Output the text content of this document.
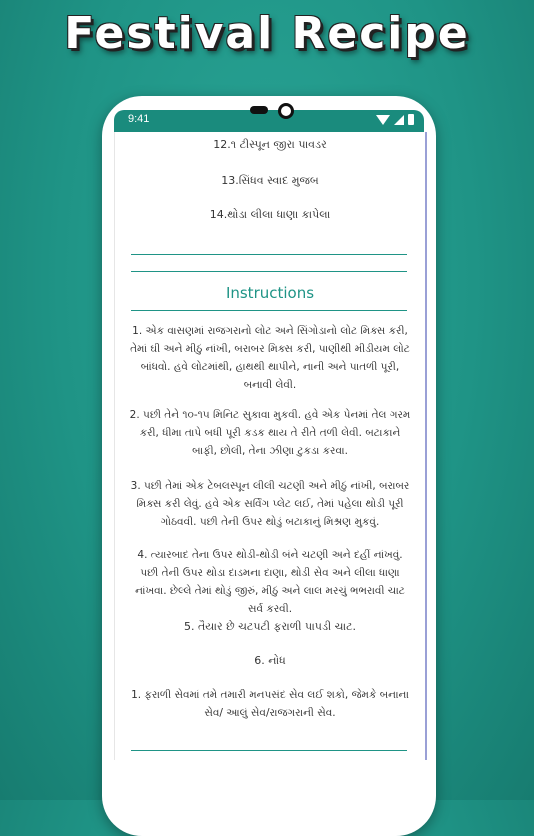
Festival Recipe
9:41
12.૧ ટીસ્પૂન જીરા પાવડર
13.સિંધવ સ્વાદ મુજબ
14.થોડા લીલા ધાણા કાપેલા
Instructions
1. એક વાસણમાં રાજગરાનો લોટ અને સિંગોડાનો લોટ મિક્સ કરી, તેમાં ઘી અને મીઠું નાંખી, બરાબર મિક્સ કરી, પાણીથી મીડીયમ લોટ બાંધવો. હવે લોટમાંથી, હાથથી થાપીને, નાની અને પાતળી પૂરી, બનાવી લેવી.
2. પછી તેને ૧૦-૧૫ મિનિટ સુકાવા મુકવી. હવે એક પેનમાં તેલ ગરમ કરી, ધીમા તાપે બધી પૂરી કડક થાય તે રીતે તળી લેવી. બટાકાને બાફી, છોલી, તેના ઝીણા ટુકડા કરવા.
3. પછી તેમાં એક ટેબલસ્પૂન લીલી ચટણી અને મીઠું નાંખી, બરાબર મિક્સ કરી લેવું. હવે એક સર્વિંગ પ્લેટ લઈ, તેમાં પહેલા થોડી પૂરી ગોઠવવી. પછી તેની ઉપર થોડું બટાકાનું મિશ્રણ મુકવું.
4. ત્યારબાદ તેના ઉપર થોડી-થોડી બંને ચટણી અને દહીં નાંખવું. પછી તેની ઉપર થોડા દાડમના દાણા, થોડી સેવ અને લીલા ધાણા નાંખવા. છેલ્લે તેમાં થોડું જીરું, મીઠું અને લાલ મરચું ભભરાવી ચાટ સર્વ કરવી.
5. તૈયાર છે ચટપટી ફરાળી પાપડી ચાટ.
6. નોધ
1. ફરાળી સેવમાં તમે તમારી મનપસંદ સેવ લઈ શકો, જેમકે બનાના સેવ/ આલું સેવ/રાજગરાની સેવ.
